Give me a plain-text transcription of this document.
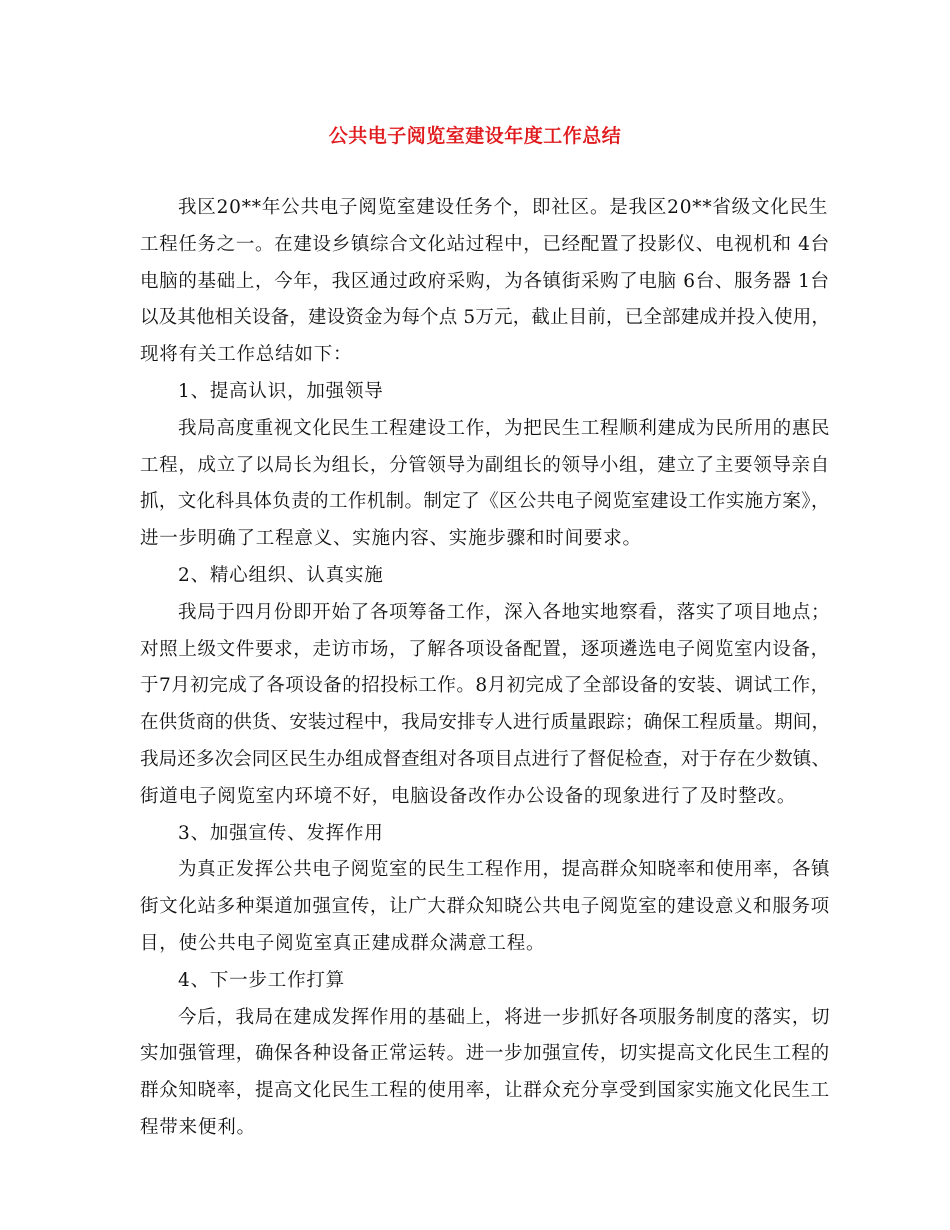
公共电子阅览室建设年度工作总结
我区20**年公共电子阅览室建设任务个，即社区。是我区20**省级文化民生
工程任务之一。在建设乡镇综合文化站过程中，已经配置了投影仪、电视机和 4台
电脑的基础上，今年，我区通过政府采购，为各镇街采购了电脑 6台、服务器 1台
以及其他相关设备，建设资金为每个点 5万元，截止目前，已全部建成并投入使用，
现将有关工作总结如下：
1、提高认识，加强领导
我局高度重视文化民生工程建设工作，为把民生工程顺利建成为民所用的惠民
工程，成立了以局长为组长，分管领导为副组长的领导小组，建立了主要领导亲自
抓，文化科具体负责的工作机制。制定了《区公共电子阅览室建设工作实施方案》，
进一步明确了工程意义、实施内容、实施步骤和时间要求。
2、精心组织、认真实施
我局于四月份即开始了各项筹备工作，深入各地实地察看，落实了项目地点；
对照上级文件要求，走访市场，了解各项设备配置，逐项遴选电子阅览室内设备，
于7月初完成了各项设备的招投标工作。8月初完成了全部设备的安装、调试工作，
在供货商的供货、安装过程中，我局安排专人进行质量跟踪；确保工程质量。期间，
我局还多次会同区民生办组成督查组对各项目点进行了督促检查，对于存在少数镇、
街道电子阅览室内环境不好，电脑设备改作办公设备的现象进行了及时整改。
3、加强宣传、发挥作用
为真正发挥公共电子阅览室的民生工程作用，提高群众知晓率和使用率，各镇
街文化站多种渠道加强宣传，让广大群众知晓公共电子阅览室的建设意义和服务项
目，使公共电子阅览室真正建成群众满意工程。
4、下一步工作打算
今后，我局在建成发挥作用的基础上，将进一步抓好各项服务制度的落实，切
实加强管理，确保各种设备正常运转。进一步加强宣传，切实提高文化民生工程的
群众知晓率，提高文化民生工程的使用率，让群众充分享受到国家实施文化民生工
程带来便利。
